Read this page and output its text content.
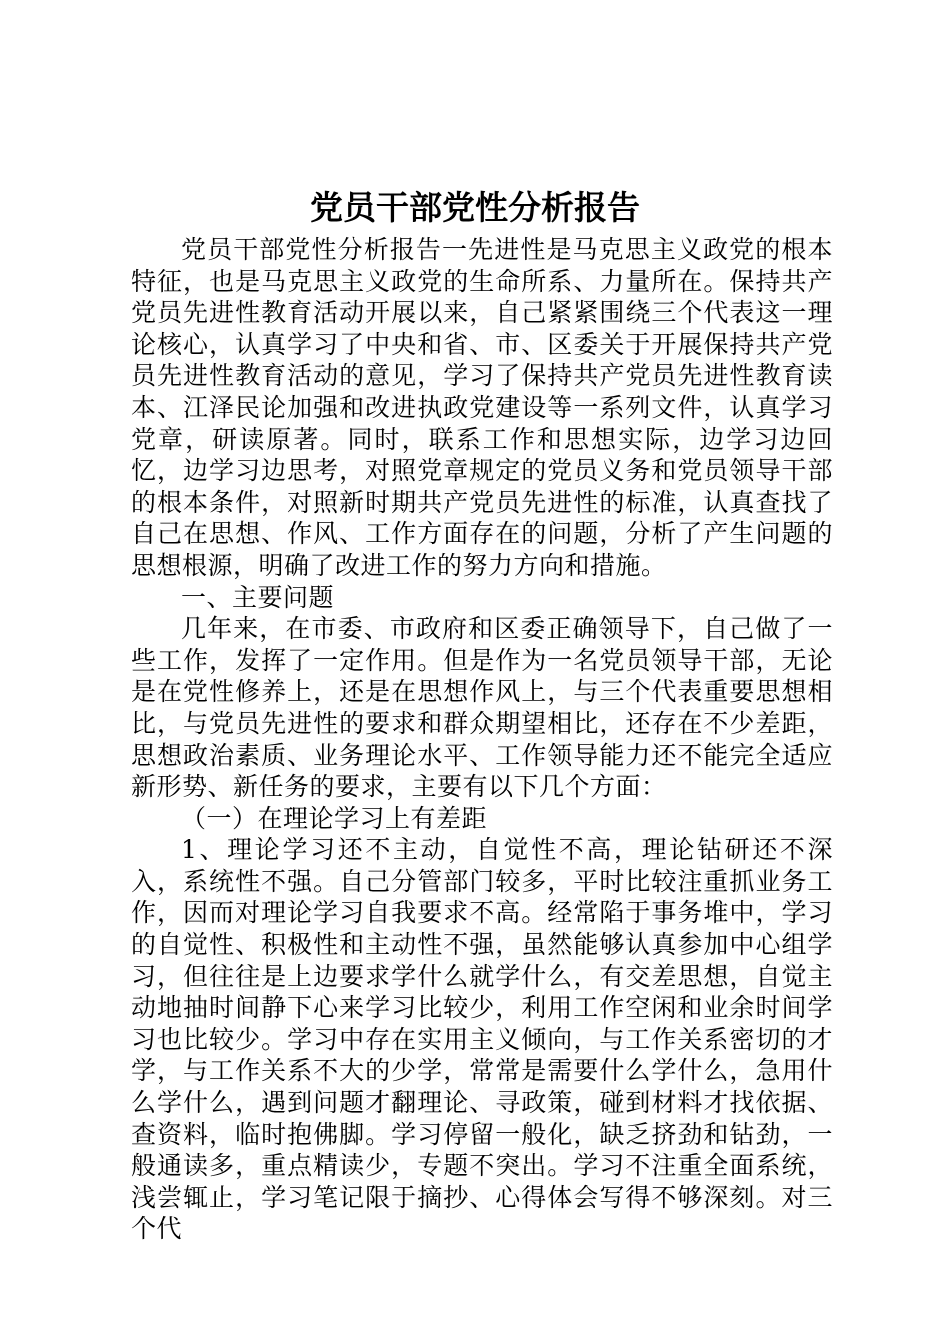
党员干部党性分析报告

党员干部党性分析报告一先进性是马克思主义政党的根本特征，也是马克思主义政党的生命所系、力量所在。保持共产党员先进性教育活动开展以来，自己紧紧围绕三个代表这一理论核心，认真学习了中央和省、市、区委关于开展保持共产党员先进性教育活动的意见，学习了保持共产党员先进性教育读本、江泽民论加强和改进执政党建设等一系列文件，认真学习党章，研读原著。同时，联系工作和思想实际，边学习边回忆，边学习边思考，对照党章规定的党员义务和党员领导干部的根本条件，对照新时期共产党员先进性的标准，认真查找了自己在思想、作风、工作方面存在的问题，分析了产生问题的思想根源，明确了改进工作的努力方向和措施。

一、主要问题

几年来，在市委、市政府和区委正确领导下，自己做了一些工作，发挥了一定作用。但是作为一名党员领导干部，无论是在党性修养上，还是在思想作风上，与三个代表重要思想相比，与党员先进性的要求和群众期望相比，还存在不少差距，思想政治素质、业务理论水平、工作领导能力还不能完全适应新形势、新任务的要求，主要有以下几个方面：

（一）在理论学习上有差距

1、理论学习还不主动，自觉性不高，理论钻研还不深入，系统性不强。自己分管部门较多，平时比较注重抓业务工作，因而对理论学习自我要求不高。经常陷于事务堆中，学习的自觉性、积极性和主动性不强，虽然能够认真参加中心组学习，但往往是上边要求学什么就学什么，有交差思想，自觉主动地抽时间静下心来学习比较少，利用工作空闲和业余时间学习也比较少。学习中存在实用主义倾向，与工作关系密切的才学，与工作关系不大的少学，常常是需要什么学什么，急用什么学什么，遇到问题才翻理论、寻政策，碰到材料才找依据、查资料，临时抱佛脚。学习停留一般化，缺乏挤劲和钻劲，一般通读多，重点精读少，专题不突出。学习不注重全面系统，浅尝辄止，学习笔记限于摘抄、心得体会写得不够深刻。对三个代
